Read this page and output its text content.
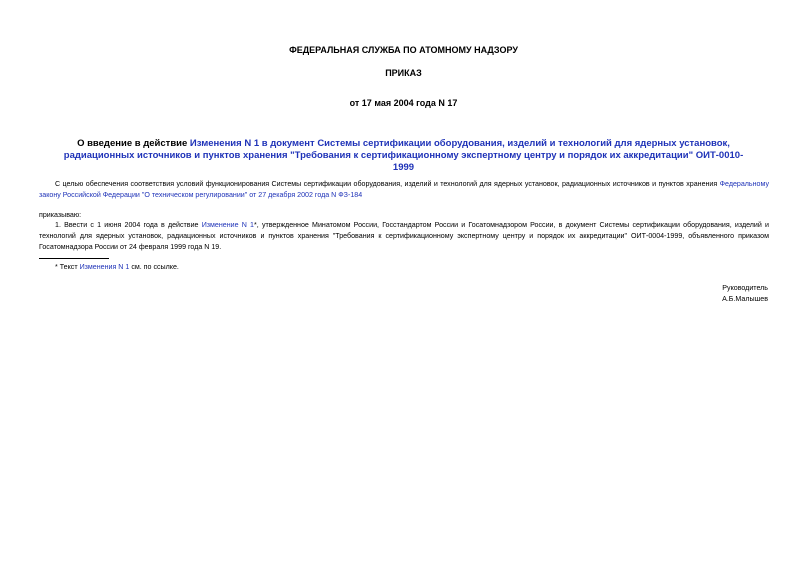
ФЕДЕРАЛЬНАЯ СЛУЖБА ПО АТОМНОМУ НАДЗОРУ
ПРИКАЗ
от 17 мая 2004 года N 17
О введение в действие Изменения N 1 в документ Системы сертификации оборудования, изделий и технологий для ядерных установок, радиационных источников и пунктов хранения "Требования к сертификационному экспертному центру и порядок их аккредитации" ОИТ-0010-1999
С целью обеспечения соответствия условий функционирования Системы сертификации оборудования, изделий и технологий для ядерных установок, радиационных источников и пунктов хранения Федеральному закону Российской Федерации "О техническом регулировании" от 27 декабря 2002 года N ФЗ-184
приказываю:
1. Ввести с 1 июня 2004 года в действие Изменение N 1*, утвержденное Минатомом России, Госстандартом России и Госатомнадзором России, в документ Системы сертификации оборудования, изделий и технологий для ядерных установок, радиационных источников и пунктов хранения "Требования к сертификационному экспертному центру и порядок их аккредитации" ОИТ-0004-1999, объявленного приказом Госатомнадзора России от 24 февраля 1999 года N 19.
* Текст Изменения N 1 см. по ссылке.
Руководитель
А.Б.Малышев
